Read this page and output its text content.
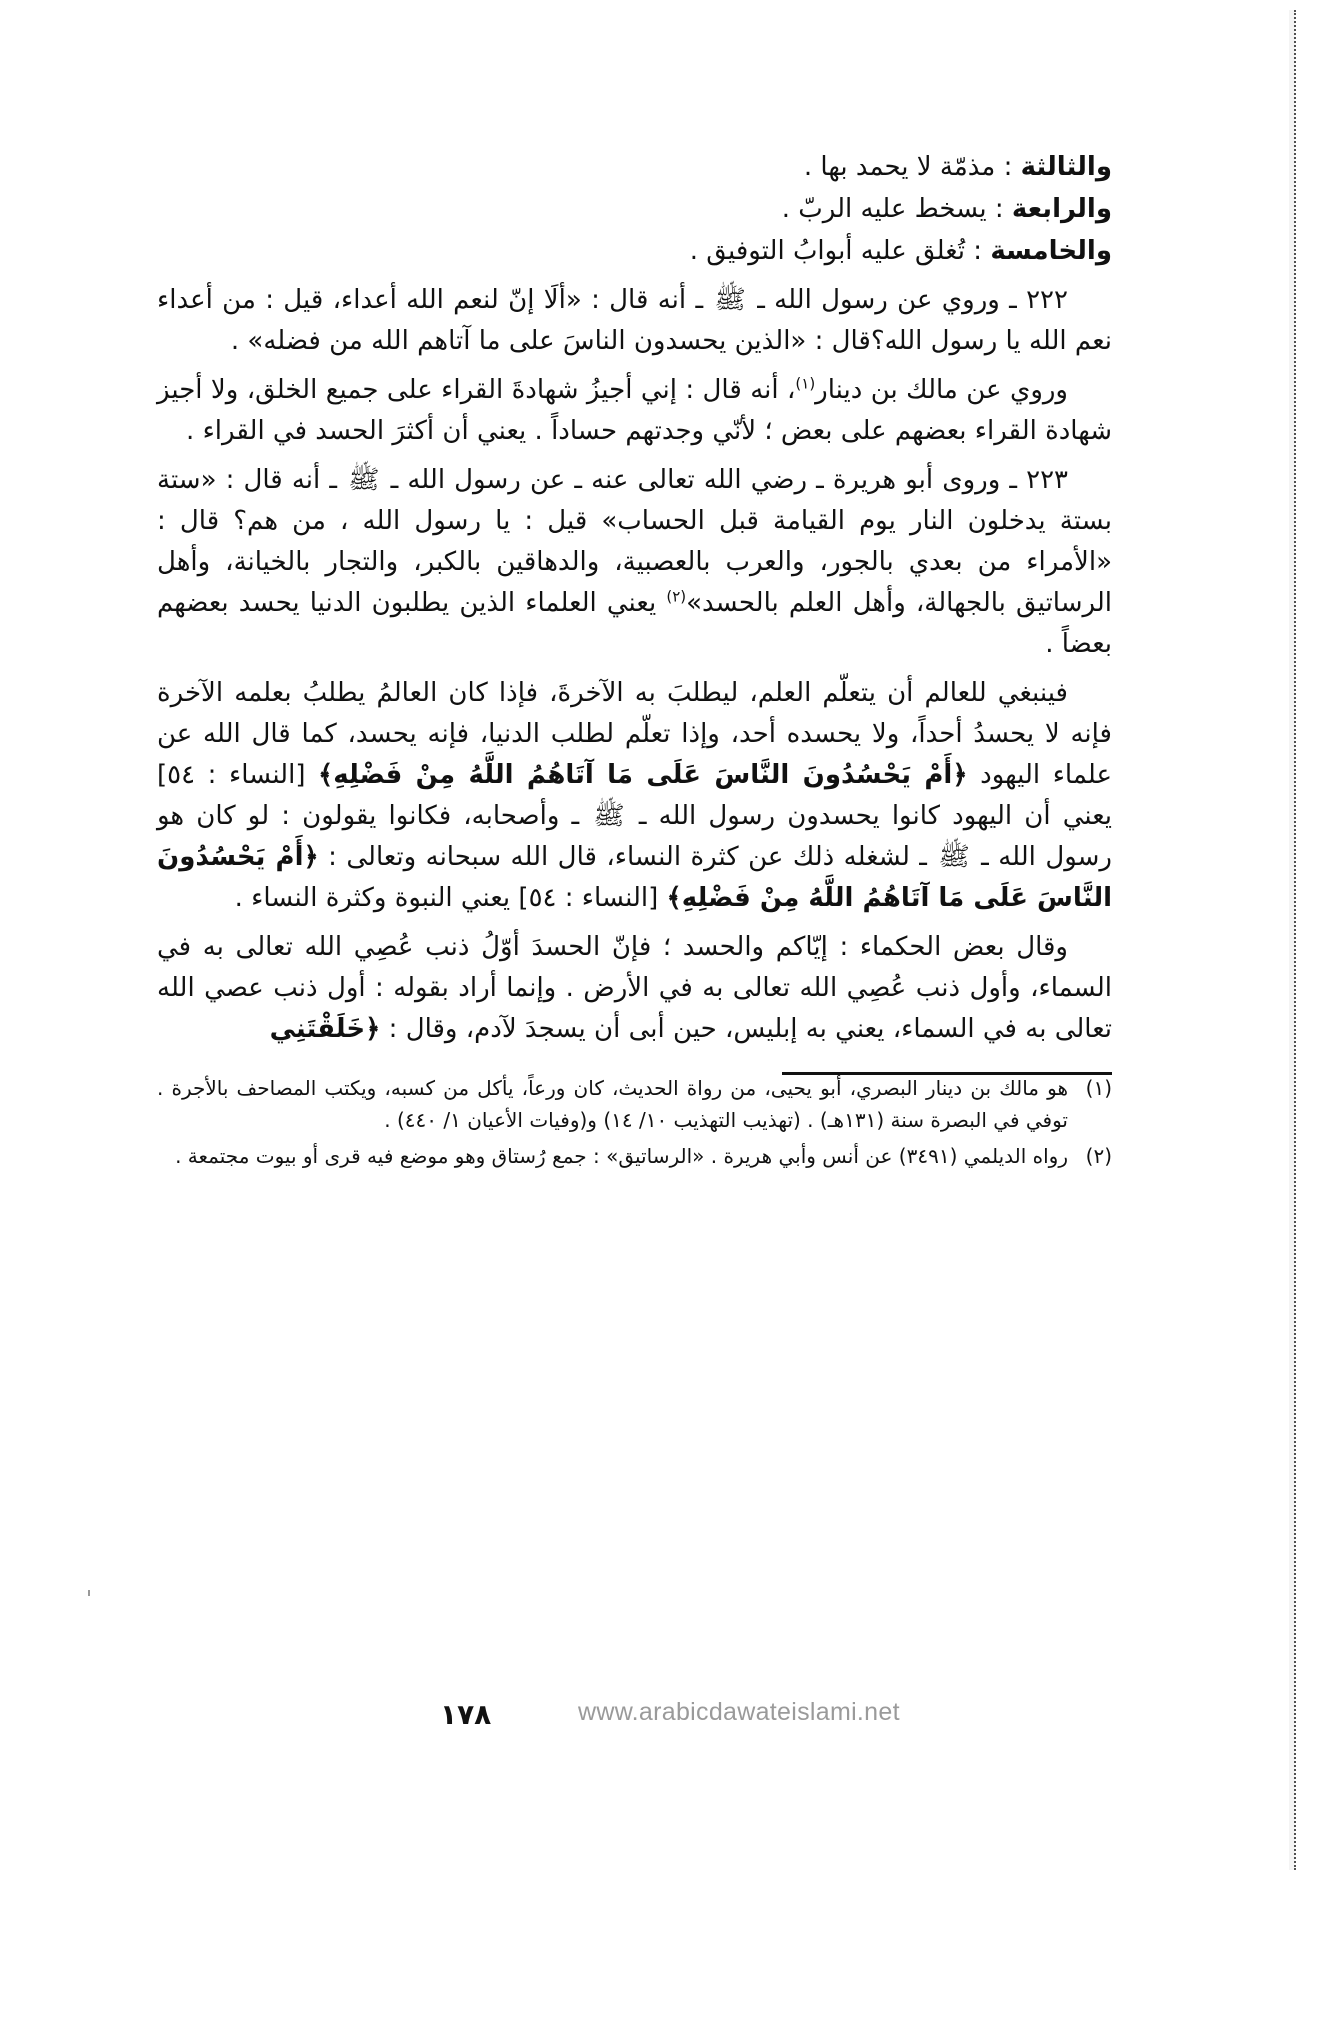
والثالثة : مذمّة لا يحمد بها .
والرابعة : يسخط عليه الربّ .
والخامسة : تُغلق عليه أبوابُ التوفيق .

٢٢٢ ـ وروي عن رسول الله ـ ﷺ ـ أنه قال : «ألَا إنّ لنعم الله أعداء، قيل : من أعداء نعم الله يا رسول الله؟قال : «الذين يحسدون الناسَ على ما آتاهم الله من فضله» .

وروي عن مالك بن دينار$^{(١)}$، أنه قال : إني أجيزُ شهادةَ القراء على جميع الخلق، ولا أجيز شهادة القراء بعضهم على بعض ؛ لأنّي وجدتهم حساداً . يعني أن أكثرَ الحسد في القراء .

٢٢٣ ـ وروى أبو هريرة ـ رضي الله تعالى عنه ـ عن رسول الله ـ ﷺ ـ أنه قال : «ستة بستة يدخلون النار يوم القيامة قبل الحساب» قيل : يا رسول الله ، من هم؟ قال : «الأمراء من بعدي بالجور، والعرب بالعصبية، والدهاقين بالكبر، والتجار بالخيانة، وأهل الرساتيق بالجهالة، وأهل العلم بالحسد»$^{(٢)}$ يعني العلماء الذين يطلبون الدنيا يحسد بعضهم بعضاً .

فينبغي للعالم أن يتعلّم العلم، ليطلبَ به الآخرةَ، فإذا كان العالمُ يطلبُ بعلمه الآخرة فإنه لا يحسدُ أحداً، ولا يحسده أحد، وإذا تعلّم لطلب الدنيا، فإنه يحسد، كما قال الله عن علماء اليهود ﴿أَمْ يَحْسُدُونَ النَّاسَ عَلَى مَا آتَاهُمُ اللَّهُ مِنْ فَضْلِهِ﴾ [النساء : ٥٤] يعني أن اليهود كانوا يحسدون رسول الله ـ ﷺ ـ وأصحابه، فكانوا يقولون : لو كان هو رسول الله ـ ﷺ ـ لشغله ذلك عن كثرة النساء، قال الله سبحانه وتعالى : ﴿أَمْ يَحْسُدُونَ النَّاسَ عَلَى مَا آتَاهُمُ اللَّهُ مِنْ فَضْلِهِ﴾ [النساء : ٥٤] يعني النبوة وكثرة النساء .

وقال بعض الحكماء : إيّاكم والحسد ؛ فإنّ الحسدَ أوّلُ ذنب عُصِي الله تعالى به في السماء، وأول ذنب عُصِي الله تعالى به في الأرض . وإنما أراد بقوله : أول ذنب عصي الله تعالى به في السماء، يعني به إبليس، حين أبى أن يسجدَ لآدم، وقال : ﴿خَلَقْتَنِي

(١)
هو مالك بن دينار البصري، أبو يحيى، من رواة الحديث، كان ورعاً، يأكل من كسبه، ويكتب المصاحف بالأجرة . توفي في البصرة سنة (١٣١هـ) . (تهذيب التهذيب ١٠/ ١٤) و(وفيات الأعيان ١/ ٤٤٠) .
(٢)
رواه الديلمي (٣٤٩١) عن أنس وأبي هريرة . «الرساتيق» : جمع رُستاق وهو موضع فيه قرى أو بيوت مجتمعة .
١٧٨	www.arabicdawateislami.net
